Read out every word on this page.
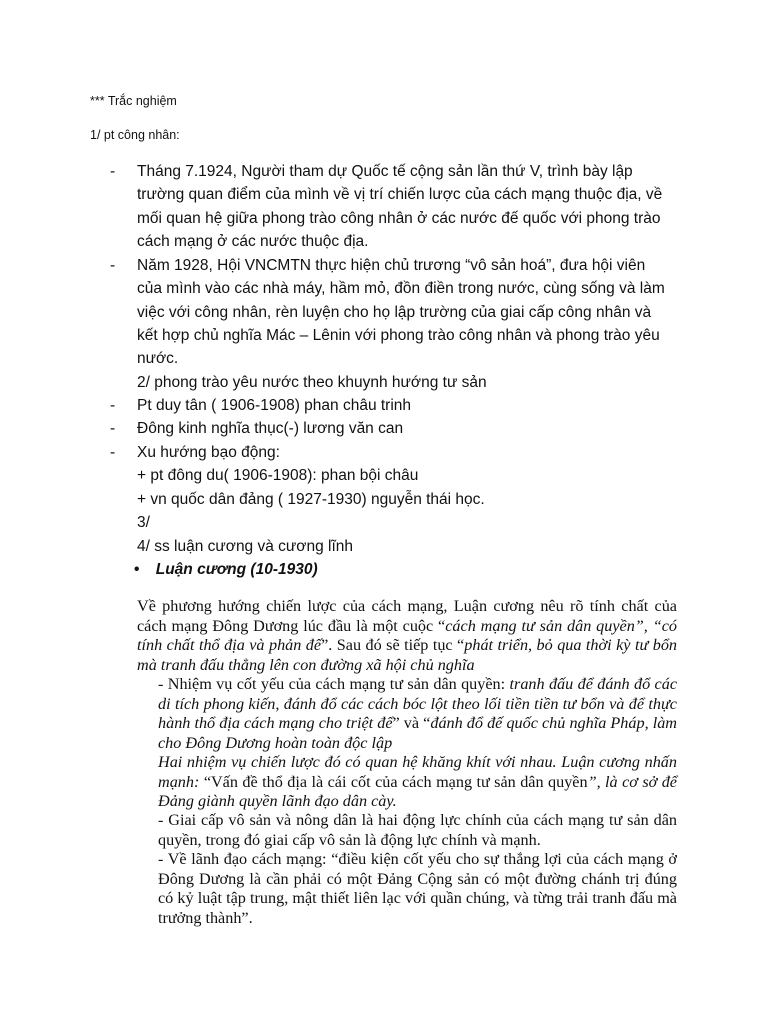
*** Trắc nghiệm
1/ pt công nhân:
- Tháng 7.1924, Người tham dự Quốc tế cộng sản lần thứ V, trình bày lập trường quan điểm của mình về vị trí chiến lược của cách mạng thuộc địa, về mối quan hệ giữa phong trào công nhân ở các nước đế quốc với phong trào cách mạng ở các nước thuộc địa.
- Năm 1928, Hội VNCMTN thực hiện chủ trương “vô sản hoá”, đưa hội viên của mình vào các nhà máy, hầm mỏ, đồn điền trong nước, cùng sống và làm việc với công nhân, rèn luyện cho họ lập trường của giai cấp công nhân và kết hợp chủ nghĩa Mác – Lênin với phong trào công nhân và phong trào yêu nước.
2/ phong trào yêu nước theo khuynh hướng tư sản
- Pt duy tân ( 1906-1908) phan châu trinh
- Đông kinh nghĩa thục(-) lương văn can
- Xu hướng bạo động:
+ pt đông du( 1906-1908): phan bội châu
+ vn quốc dân đảng ( 1927-1930) nguyễn thái học.
3/
4/ ss luận cương và cương lĩnh
• Luận cương (10-1930)
Về phương hướng chiến lược của cách mạng, Luận cương nêu rõ tính chất của cách mạng Đông Dương lúc đầu là một cuộc “cách mạng tư sản dân quyền”, “có tính chất thổ địa và phản đế”. Sau đó sẽ tiếp tục “phát triển, bỏ qua thời kỳ tư bổn mà tranh đấu thẳng lên con đường xã hội chủ nghĩa
- Nhiệm vụ cốt yếu của cách mạng tư sản dân quyền: tranh đấu để đánh đổ các di tích phong kiến, đánh đổ các cách bóc lột theo lối tiền tiền tư bổn và để thực hành thổ địa cách mạng cho triệt để” và “đánh đổ đế quốc chủ nghĩa Pháp, làm cho Đông Dương hoàn toàn độc lập
Hai nhiệm vụ chiến lược đó có quan hệ khăng khít với nhau. Luận cương nhấn mạnh: “Vấn đề thổ địa là cái cốt của cách mạng tư sản dân quyền”, là cơ sở để Đảng giành quyền lãnh đạo dân cày.
- Giai cấp vô sản và nông dân là hai động lực chính của cách mạng tư sản dân quyền, trong đó giai cấp vô sản là động lực chính và mạnh.
- Về lãnh đạo cách mạng: “điều kiện cốt yếu cho sự thắng lợi của cách mạng ở Đông Dương là cần phải có một Đảng Cộng sản có một đường chánh trị đúng có kỷ luật tập trung, mật thiết liên lạc với quần chúng, và từng trải tranh đấu mà trưởng thành”.
